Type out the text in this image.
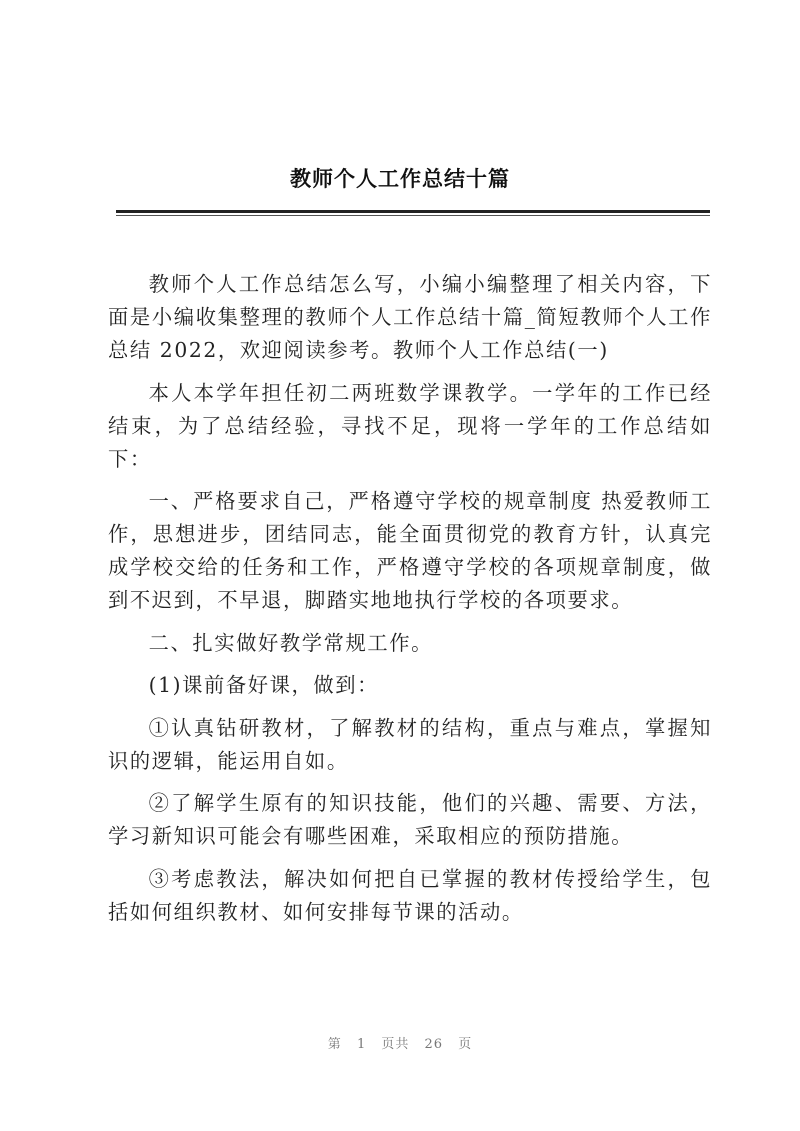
教师个人工作总结十篇

教师个人工作总结怎么写，小编小编整理了相关内容，下面是小编收集整理的教师个人工作总结十篇_简短教师个人工作总结 2022，欢迎阅读参考。教师个人工作总结(一)

本人本学年担任初二两班数学课教学。一学年的工作已经结束，为了总结经验，寻找不足，现将一学年的工作总结如下：

一、严格要求自己，严格遵守学校的规章制度 热爱教师工作，思想进步，团结同志，能全面贯彻党的教育方针，认真完成学校交给的任务和工作，严格遵守学校的各项规章制度，做到不迟到，不早退，脚踏实地地执行学校的各项要求。

二、扎实做好教学常规工作。

(1)课前备好课，做到：

①认真钻研教材，了解教材的结构，重点与难点，掌握知识的逻辑，能运用自如。

②了解学生原有的知识技能，他们的兴趣、需要、方法，学习新知识可能会有哪些困难，采取相应的预防措施。

③考虑教法，解决如何把自已掌握的教材传授给学生，包括如何组织教材、如何安排每节课的活动。

第 1 页共 26 页
